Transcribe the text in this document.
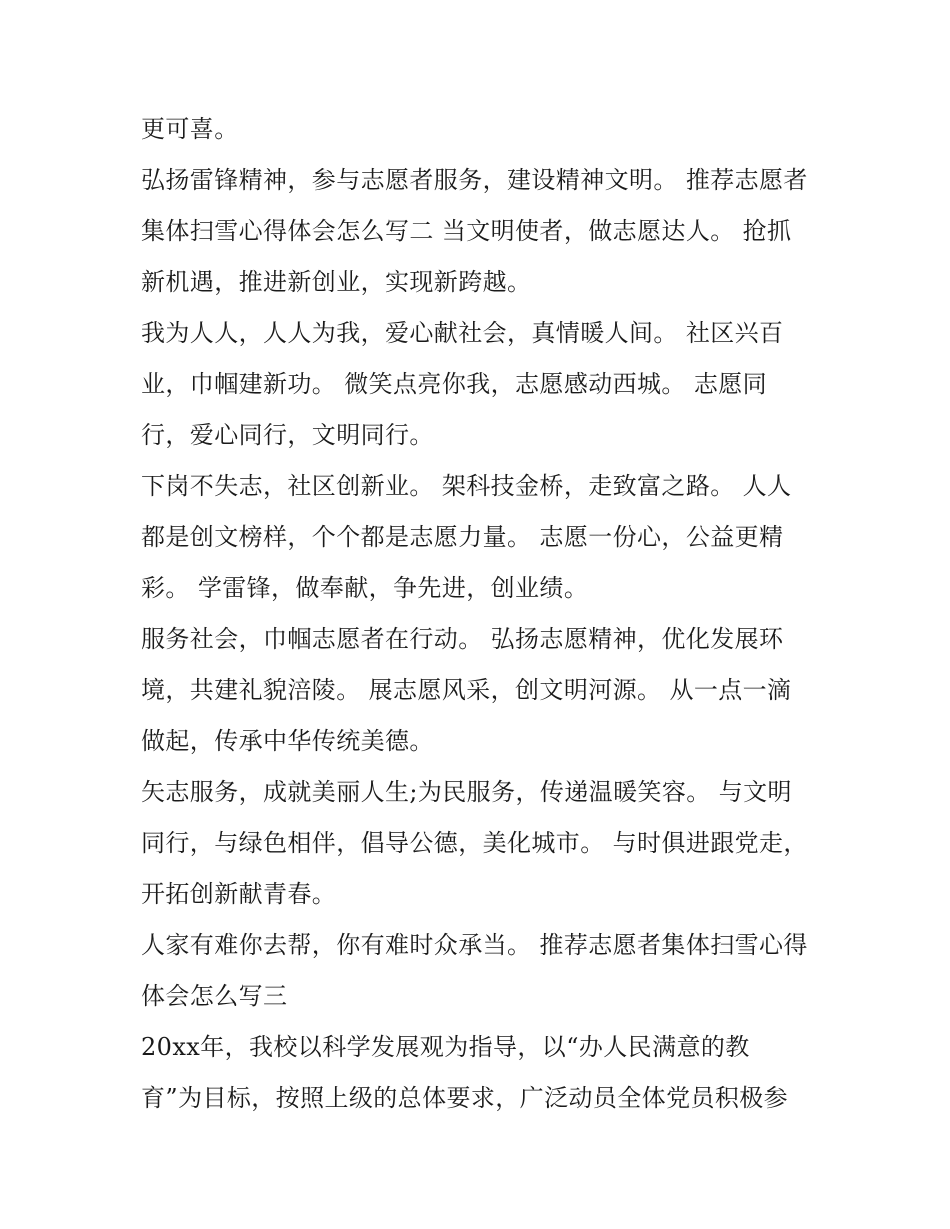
更可喜。

弘扬雷锋精神，参与志愿者服务，建设精神文明。 推荐志愿者集体扫雪心得体会怎么写二 当文明使者，做志愿达人。 抢抓新机遇，推进新创业，实现新跨越。

我为人人，人人为我，爱心献社会，真情暖人间。 社区兴百业，巾帼建新功。 微笑点亮你我，志愿感动西城。 志愿同行，爱心同行，文明同行。

下岗不失志，社区创新业。 架科技金桥，走致富之路。 人人都是创文榜样，个个都是志愿力量。 志愿一份心，公益更精彩。 学雷锋，做奉献，争先进，创业绩。

服务社会，巾帼志愿者在行动。 弘扬志愿精神，优化发展环境，共建礼貌涪陵。 展志愿风采，创文明河源。 从一点一滴做起，传承中华传统美德。

矢志服务，成就美丽人生;为民服务，传递温暖笑容。 与文明同行，与绿色相伴，倡导公德，美化城市。 与时俱进跟党走，开拓创新献青春。

人家有难你去帮，你有难时众承当。 推荐志愿者集体扫雪心得体会怎么写三

20xx年，我校以科学发展观为指导，以“办人民满意的教育”为目标，按照上级的总体要求，广泛动员全体党员积极参
